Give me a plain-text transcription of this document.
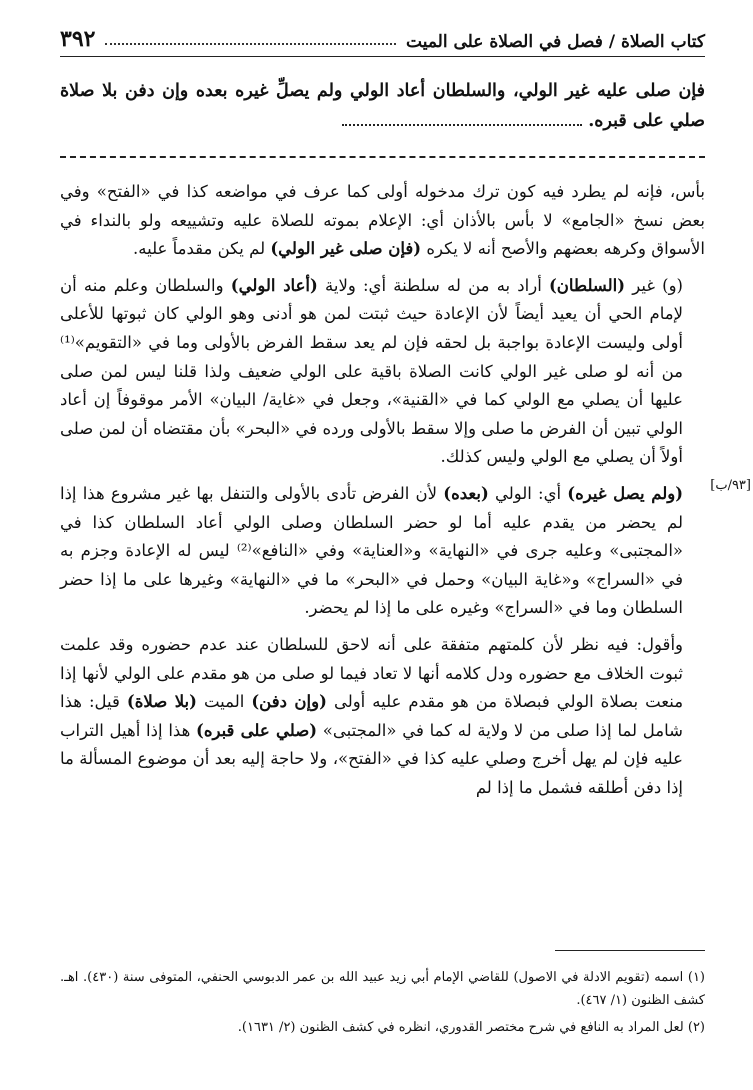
٣٩٢	كتاب الصلاة / فصل في الصلاة على الميت
فإن صلى عليه غير الولي، والسلطان أعاد الولي ولم يصلِّ غيره بعده وإن دفن بلا صلاة صلي على قبره.

بأس، فإنه لم يطرد فيه كون ترك مدخوله أولى كما عرف في مواضعه كذا في «الفتح» وفي بعض نسخ «الجامع» لا بأس بالأذان أي: الإعلام بموته للصلاة عليه وتشييعه ولو بالنداء في الأسواق وكرهه بعضهم والأصح أنه لا يكره (فإن صلى غير الولي) لم يكن مقدماً عليه.

(و) غير (السلطان) أراد به من له سلطنة أي: ولاية (أعاد الولي) والسلطان وعلم منه أن لإمام الحي أن يعيد أيضاً لأن الإعادة حيث ثبتت لمن هو أدنى وهو الولي كان ثبوتها للأعلى أولى وليست الإعادة بواجبة بل لحقه فإن لم يعد سقط الفرض بالأولى وما في «التقويم»⁽¹⁾ من أنه لو صلى غير الولي كانت الصلاة باقية على الولي ضعيف ولذا قلنا ليس لمن صلى عليها أن يصلي مع الولي كما في «القنية»، وجعل في «غاية/ البيان» الأمر موقوفاً إن أعاد الولي تبين أن الفرض ما صلى وإلا سقط بالأولى ورده في «البحر» بأن مقتضاه أن لمن صلى أولاً أن يصلي مع الولي وليس كذلك.

(ولم يصل غيره) أي: الولي (بعده) لأن الفرض تأدى بالأولى والتنفل بها غير مشروع هذا إذا لم يحضر من يقدم عليه أما لو حضر السلطان وصلى الولي أعاد السلطان كذا في «المجتبى» وعليه جرى في «النهاية» و«العناية» وفي «النافع»⁽²⁾ ليس له الإعادة وجزم به في «السراج» و«غاية البيان» وحمل في «البحر» ما في «النهاية» وغيرها على ما إذا حضر السلطان وما في «السراج» وغيره على ما إذا لم يحضر.

وأقول: فيه نظر لأن كلمتهم متفقة على أنه لاحق للسلطان عند عدم حضوره وقد علمت ثبوت الخلاف مع حضوره ودل كلامه أنها لا تعاد فيما لو صلى من هو مقدم على الولي لأنها إذا منعت بصلاة الولي فبصلاة من هو مقدم عليه أولى (وإن دفن) الميت (بلا صلاة) قيل: هذا شامل لما إذا صلى من لا ولاية له كما في «المجتبى» (صلي على قبره) هذا إذا أهيل التراب عليه فإن لم يهل أخرج وصلي عليه كذا في «الفتح»، ولا حاجة إليه بعد أن موضوع المسألة ما إذا دفن أطلقه فشمل ما إذا لم

[٩٣/ب]

(١) اسمه (تقويم الادلة في الاصول) للقاضي الإمام أبي زيد عبيد الله بن عمر الدبوسي الحنفي، المتوفى سنة (٤٣٠). اهـ. كشف الظنون (١/ ٤٦٧).

(٢) لعل المراد به النافع في شرح مختصر القدوري، انظره في كشف الظنون (٢/ ١٦٣١).
